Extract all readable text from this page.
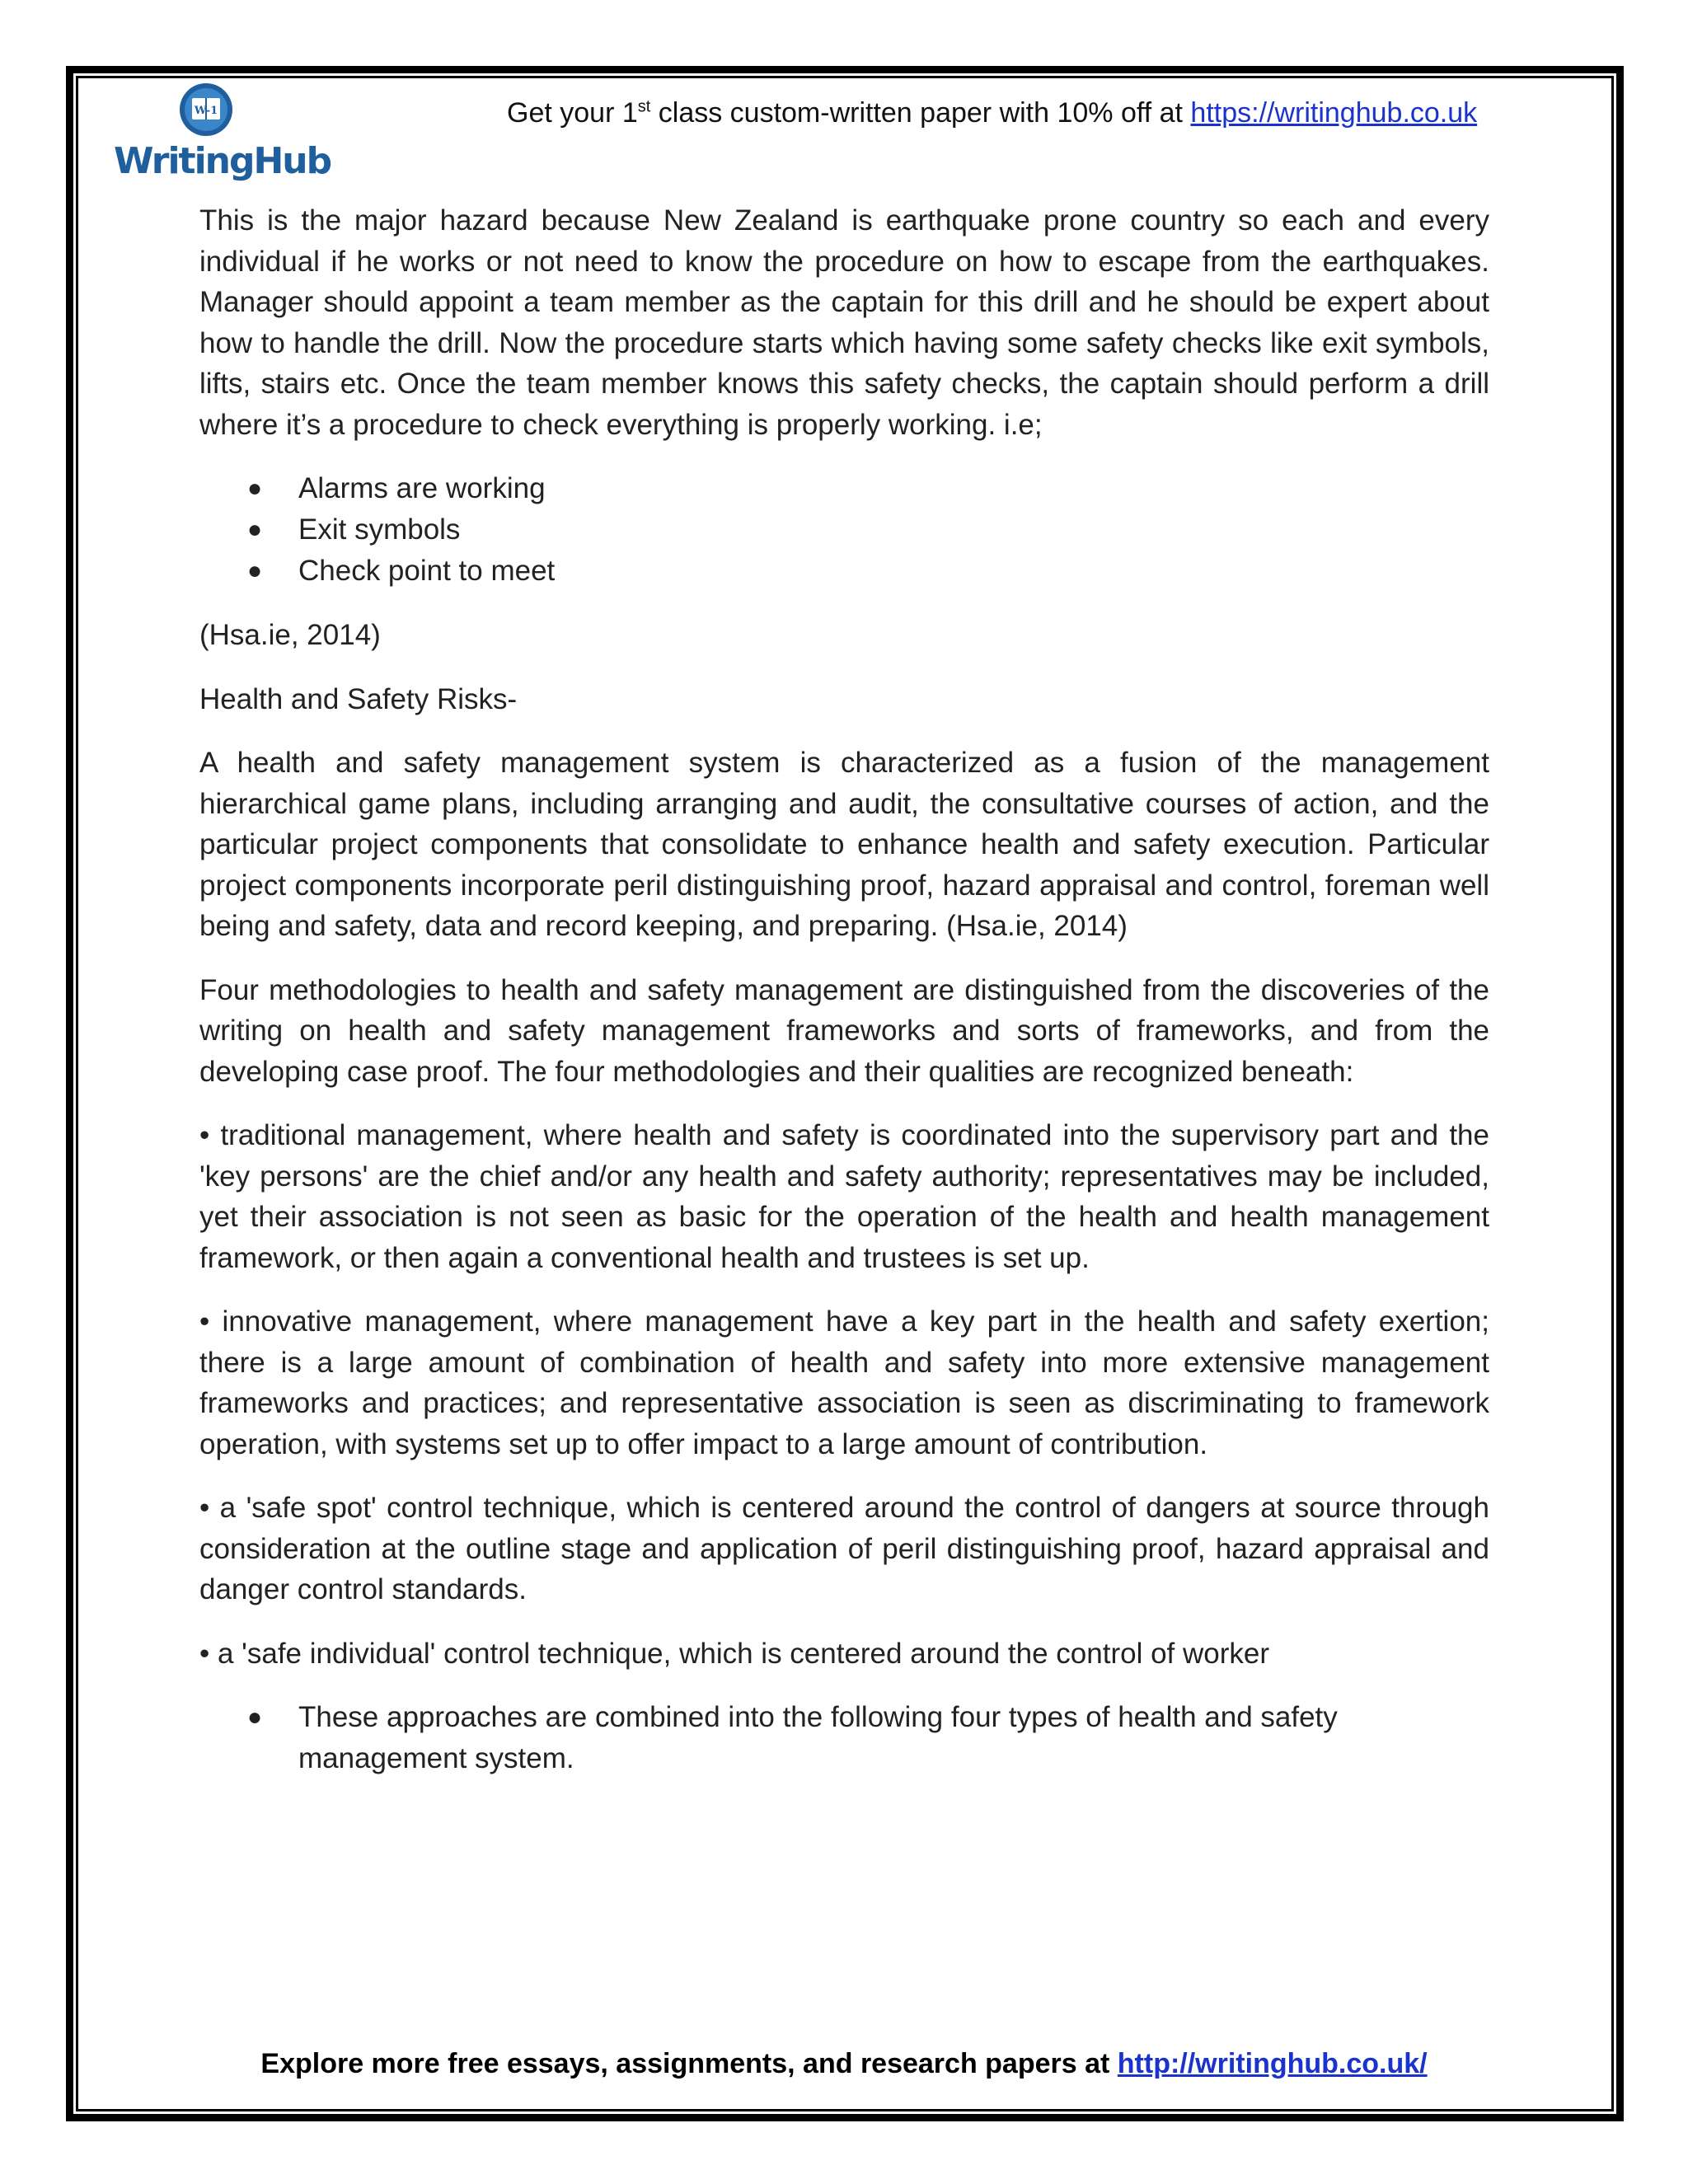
W-1
WritingHub
Get your 1st class custom-written paper with 10% off at https://writinghub.co.uk

This is the major hazard because New Zealand is earthquake prone country so each and every individual if he works or not need to know the procedure on how to escape from the earthquakes. Manager should appoint a team member as the captain for this drill and he should be expert about how to handle the drill. Now the procedure starts which having some safety checks like exit symbols, lifts, stairs etc. Once the team member knows this safety checks, the captain should perform a drill where it’s a procedure to check everything is properly working. i.e;

● Alarms are working
● Exit symbols
● Check point to meet

(Hsa.ie, 2014)

Health and Safety Risks-

A health and safety management system is characterized as a fusion of the management hierarchical game plans, including arranging and audit, the consultative courses of action, and the particular project components that consolidate to enhance health and safety execution. Particular project components incorporate peril distinguishing proof, hazard appraisal and control, foreman well being and safety, data and record keeping, and preparing. (Hsa.ie, 2014)

Four methodologies to health and safety management are distinguished from the discoveries of the writing on health and safety management frameworks and sorts of frameworks, and from the developing case proof. The four methodologies and their qualities are recognized beneath:

• traditional management, where health and safety is coordinated into the supervisory part and the 'key persons' are the chief and/or any health and safety authority; representatives may be included, yet their association is not seen as basic for the operation of the health and health management framework, or then again a conventional health and trustees is set up.

• innovative management, where management have a key part in the health and safety exertion; there is a large amount of combination of health and safety into more extensive management frameworks and practices; and representative association is seen as discriminating to framework operation, with systems set up to offer impact to a large amount of contribution.

• a 'safe spot' control technique, which is centered around the control of dangers at source through consideration at the outline stage and application of peril distinguishing proof, hazard appraisal and danger control standards.

• a 'safe individual' control technique, which is centered around the control of worker

● These approaches are combined into the following four types of health and safety management system.
Explore more free essays, assignments, and research papers at http://writinghub.co.uk/
